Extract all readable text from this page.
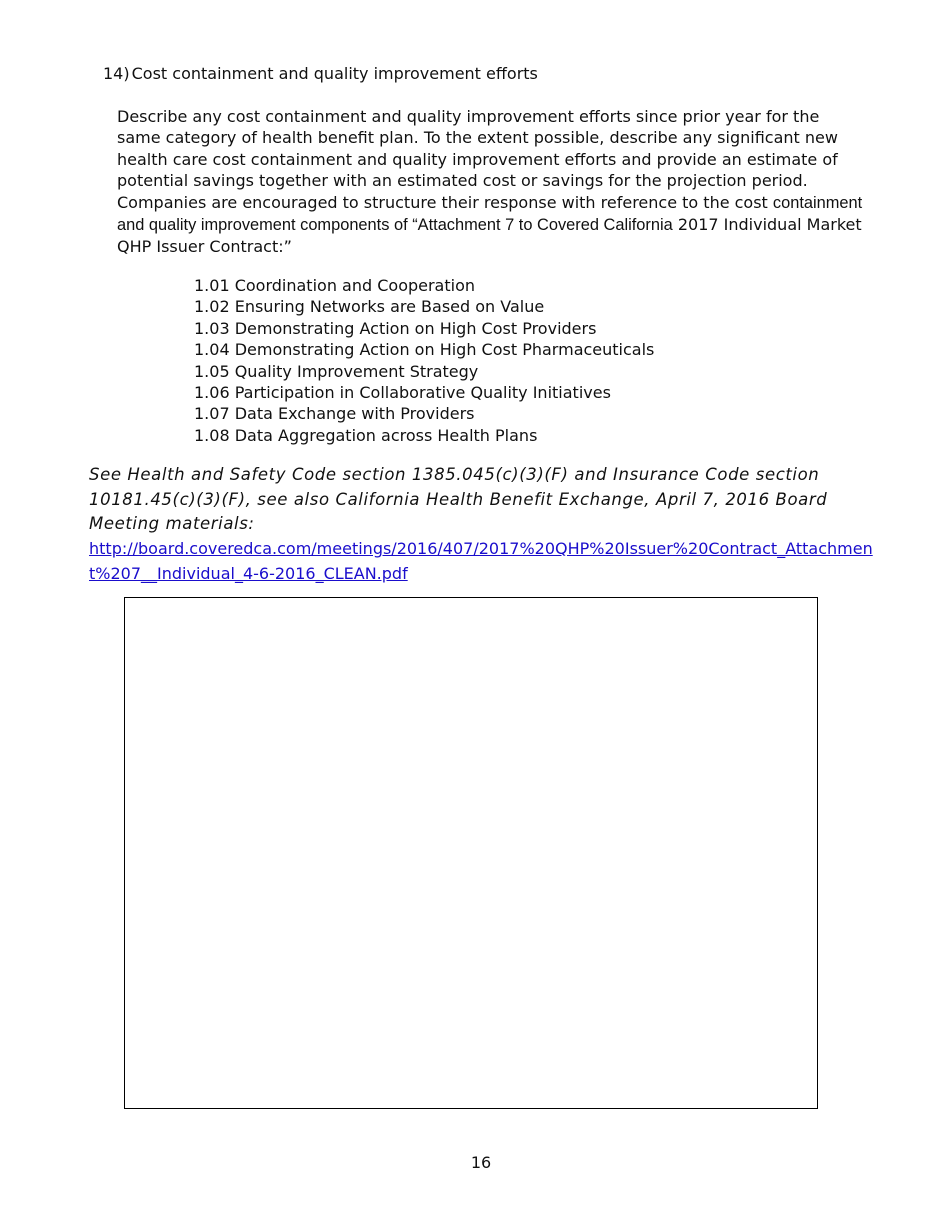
14) Cost containment and quality improvement efforts

Describe any cost containment and quality improvement efforts since prior year for the same category of health benefit plan. To the extent possible, describe any significant new health care cost containment and quality improvement efforts and provide an estimate of potential savings together with an estimated cost or savings for the projection period. Companies are encouraged to structure their response with reference to the cost containment and quality improvement components of “Attachment 7 to Covered California 2017 Individual Market QHP Issuer Contract:”

1.01 Coordination and Cooperation
1.02 Ensuring Networks are Based on Value
1.03 Demonstrating Action on High Cost Providers
1.04 Demonstrating Action on High Cost Pharmaceuticals
1.05 Quality Improvement Strategy
1.06 Participation in Collaborative Quality Initiatives
1.07 Data Exchange with Providers
1.08 Data Aggregation across Health Plans

See Health and Safety Code section 1385.045(c)(3)(F) and Insurance Code section 10181.45(c)(3)(F), see also California Health Benefit Exchange, April 7, 2016 Board Meeting materials:

http://board.coveredca.com/meetings/2016/407/2017%20QHP%20Issuer%20Contract_Attachment%207__Individual_4-6-2016_CLEAN.pdf
16
